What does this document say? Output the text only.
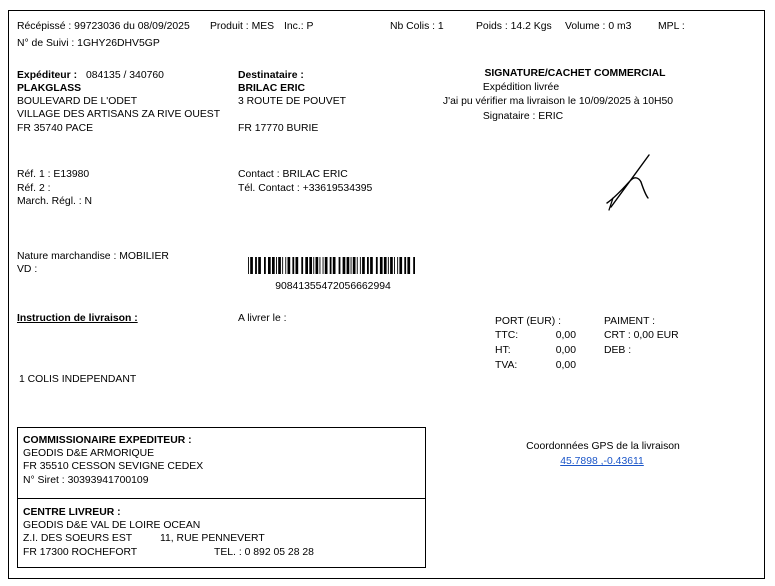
Récépissé : 99723036 du 08/09/2025 Produit : MES Inc.: P	Nb Colis : 1	Poids : 14.2 Kgs Volume : 0 m3	MPL :
N° de Suivi : 1GHY26DHV5GP
Expéditeur : 084135 / 340760
PLAKGLASS
BOULEVARD DE L'ODET
VILLAGE DES ARTISANS ZA RIVE OUEST
FR 35740 PACE
Destinataire :
BRILAC ERIC
3 ROUTE DE POUVET
FR 17770 BURIE
SIGNATURE/CACHET COMMERCIAL
Expédition livrée
J'ai pu vérifier ma livraison le 10/09/2025 à 10H50
Signataire : ERIC
Réf. 1 : E13980
Réf. 2 :
March. Régl. : N
Contact : BRILAC ERIC
Tél. Contact : +33619534395
Nature marchandise : MOBILIER
VD :
90841355472056662994
Instruction de livraison :	A livrer le :
1 COLIS INDEPENDANT
PORT (EUR) :
TTC:	0,00
HT:	0,00
TVA:	0,00
PAIMENT :
CRT : 0,00 EUR
DEB :
COMMISSIONAIRE EXPEDITEUR :
GEODIS D&E ARMORIQUE
FR 35510 CESSON SEVIGNE CEDEX
N° Siret : 30393941700109
CENTRE LIVREUR :
GEODIS D&E VAL DE LOIRE OCEAN
Z.I. DES SOEURS EST	11, RUE PENNEVERT
FR 17300 ROCHEFORT	TEL. : 0 892 05 28 28
Coordonnées GPS de la livraison
45.7898 ,-0.43611
